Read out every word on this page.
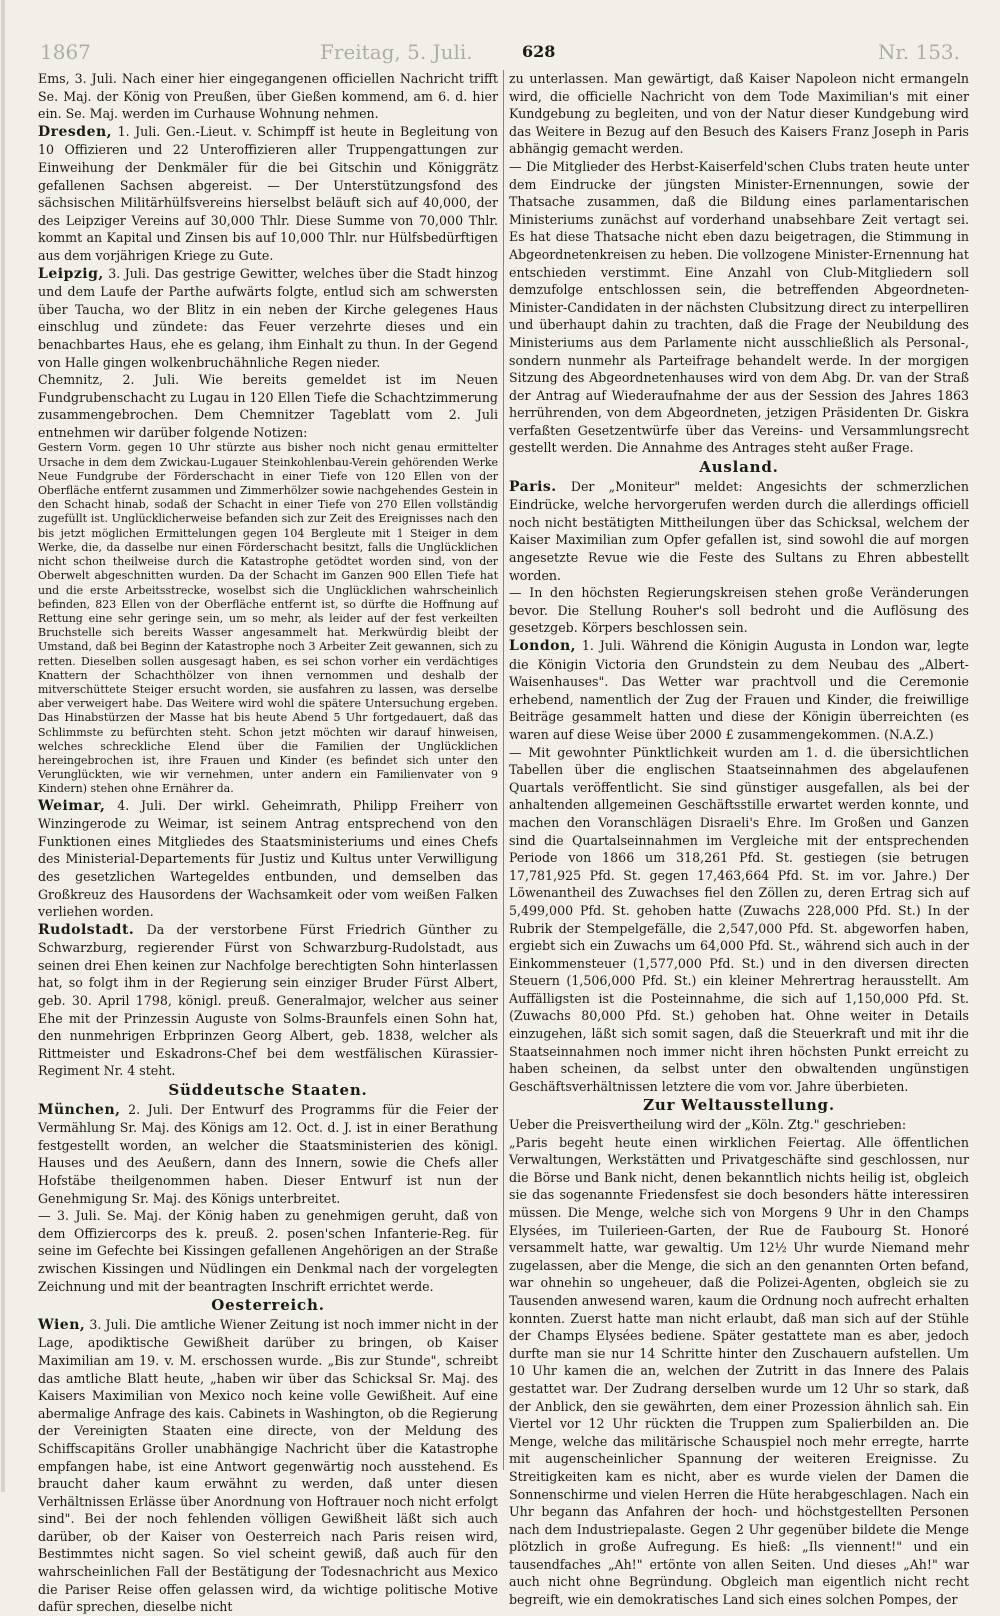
1867	Freitag, 5. Juli.	628	Nr. 153.

Ems, 3. Juli. Nach einer hier eingegangenen officiellen Nachricht trifft Se. Maj. der König von Preußen, über Gießen kommend, am 6. d. hier ein. Se. Maj. werden im Curhause Wohnung nehmen.

Dresden, 1. Juli. Gen.-Lieut. v. Schimpff ist heute in Begleitung von 10 Offizieren und 22 Unteroffizieren aller Truppengattungen zur Einweihung der Denkmäler für die bei Gitschin und Königgrätz gefallenen Sachsen abgereist. — Der Unterstützungsfond des sächsischen Militärhülfsvereins hierselbst beläuft sich auf 40,000, der des Leipziger Vereins auf 30,000 Thlr. Diese Summe von 70,000 Thlr. kommt an Kapital und Zinsen bis auf 10,000 Thlr. nur Hülfsbedürftigen aus dem vorjährigen Kriege zu Gute.

Leipzig, 3. Juli. Das gestrige Gewitter, welches über die Stadt hinzog und dem Laufe der Parthe aufwärts folgte, entlud sich am schwersten über Taucha, wo der Blitz in ein neben der Kirche gelegenes Haus einschlug und zündete: das Feuer verzehrte dieses und ein benachbartes Haus, ehe es gelang, ihm Einhalt zu thun. In der Gegend von Halle gingen wolkenbruchähnliche Regen nieder.

Chemnitz, 2. Juli. Wie bereits gemeldet ist im Neuen Fundgrubenschacht zu Lugau in 120 Ellen Tiefe die Schachtzimmerung zusammengebrochen. Dem Chemnitzer Tageblatt vom 2. Juli entnehmen wir darüber folgende Notizen:

Gestern Vorm. gegen 10 Uhr stürzte aus bisher noch nicht genau ermittelter Ursache in dem dem Zwickau-Lugauer Steinkohlenbau-Verein gehörenden Werke Neue Fundgrube der Förderschacht in einer Tiefe von 120 Ellen von der Oberfläche entfernt zusammen und Zimmerhölzer sowie nachgehendes Gestein in den Schacht hinab, sodaß der Schacht in einer Tiefe von 270 Ellen vollständig zugefüllt ist. Unglücklicherweise befanden sich zur Zeit des Ereignisses nach den bis jetzt möglichen Ermittelungen gegen 104 Bergleute mit 1 Steiger in dem Werke, die, da dasselbe nur einen Förderschacht besitzt, falls die Unglücklichen nicht schon theilweise durch die Katastrophe getödtet worden sind, von der Oberwelt abgeschnitten wurden. Da der Schacht im Ganzen 900 Ellen Tiefe hat und die erste Arbeitsstrecke, woselbst sich die Unglücklichen wahrscheinlich befinden, 823 Ellen von der Oberfläche entfernt ist, so dürfte die Hoffnung auf Rettung eine sehr geringe sein, um so mehr, als leider auf der fest verkeilten Bruchstelle sich bereits Wasser angesammelt hat. Merkwürdig bleibt der Umstand, daß bei Beginn der Katastrophe noch 3 Arbeiter Zeit gewannen, sich zu retten. Dieselben sollen ausgesagt haben, es sei schon vorher ein verdächtiges Knattern der Schachthölzer von ihnen vernommen und deshalb der mitverschüttete Steiger ersucht worden, sie ausfahren zu lassen, was derselbe aber verweigert habe. Das Weitere wird wohl die spätere Untersuchung ergeben. Das Hinabstürzen der Masse hat bis heute Abend 5 Uhr fortgedauert, daß das Schlimmste zu befürchten steht. Schon jetzt möchten wir darauf hinweisen, welches schreckliche Elend über die Familien der Unglücklichen hereingebrochen ist, ihre Frauen und Kinder (es befindet sich unter den Verunglückten, wie wir vernehmen, unter andern ein Familienvater von 9 Kindern) stehen ohne Ernährer da.

Weimar, 4. Juli. Der wirkl. Geheimrath, Philipp Freiherr von Winzingerode zu Weimar, ist seinem Antrag entsprechend von den Funktionen eines Mitgliedes des Staatsministeriums und eines Chefs des Ministerial-Departements für Justiz und Kultus unter Verwilligung des gesetzlichen Wartegeldes entbunden, und demselben das Großkreuz des Hausordens der Wachsamkeit oder vom weißen Falken verliehen worden.

Rudolstadt. Da der verstorbene Fürst Friedrich Günther zu Schwarzburg, regierender Fürst von Schwarzburg-Rudolstadt, aus seinen drei Ehen keinen zur Nachfolge berechtigten Sohn hinterlassen hat, so folgt ihm in der Regierung sein einziger Bruder Fürst Albert, geb. 30. April 1798, königl. preuß. Generalmajor, welcher aus seiner Ehe mit der Prinzessin Auguste von Solms-Braunfels einen Sohn hat, den nunmehrigen Erbprinzen Georg Albert, geb. 1838, welcher als Rittmeister und Eskadrons-Chef bei dem westfälischen Kürassier-Regiment Nr. 4 steht.

Süddeutsche Staaten.

München, 2. Juli. Der Entwurf des Programms für die Feier der Vermählung Sr. Maj. des Königs am 12. Oct. d. J. ist in einer Berathung festgestellt worden, an welcher die Staatsministerien des königl. Hauses und des Aeußern, dann des Innern, sowie die Chefs aller Hofstäbe theilgenommen haben. Dieser Entwurf ist nun der Genehmigung Sr. Maj. des Königs unterbreitet.

— 3. Juli. Se. Maj. der König haben zu genehmigen geruht, daß von dem Offiziercorps des k. preuß. 2. posen'schen Infanterie-Reg. für seine im Gefechte bei Kissingen gefallenen Angehörigen an der Straße zwischen Kissingen und Nüdlingen ein Denkmal nach der vorgelegten Zeichnung und mit der beantragten Inschrift errichtet werde.

Oesterreich.

Wien, 3. Juli. Die amtliche Wiener Zeitung ist noch immer nicht in der Lage, apodiktische Gewißheit darüber zu bringen, ob Kaiser Maximilian am 19. v. M. erschossen wurde. „Bis zur Stunde", schreibt das amtliche Blatt heute, „haben wir über das Schicksal Sr. Maj. des Kaisers Maximilian von Mexico noch keine volle Gewißheit. Auf eine abermalige Anfrage des kais. Cabinets in Washington, ob die Regierung der Vereinigten Staaten eine directe, von der Meldung des Schiffscapitäns Groller unabhängige Nachricht über die Katastrophe empfangen habe, ist eine Antwort gegenwärtig noch ausstehend. Es braucht daher kaum erwähnt zu werden, daß unter diesen Verhältnissen Erlässe über Anordnung von Hoftrauer noch nicht erfolgt sind". Bei der noch fehlenden völligen Gewißheit läßt sich auch darüber, ob der Kaiser von Oesterreich nach Paris reisen wird, Bestimmtes nicht sagen. So viel scheint gewiß, daß auch für den wahrscheinlichen Fall der Bestätigung der Todesnachricht aus Mexico die Pariser Reise offen gelassen wird, da wichtige politische Motive dafür sprechen, dieselbe nicht

zu unterlassen. Man gewärtigt, daß Kaiser Napoleon nicht ermangeln wird, die officielle Nachricht von dem Tode Maximilian's mit einer Kundgebung zu begleiten, und von der Natur dieser Kundgebung wird das Weitere in Bezug auf den Besuch des Kaisers Franz Joseph in Paris abhängig gemacht werden.

— Die Mitglieder des Herbst-Kaiserfeld'schen Clubs traten heute unter dem Eindrucke der jüngsten Minister-Ernennungen, sowie der Thatsache zusammen, daß die Bildung eines parlamentarischen Ministeriums zunächst auf vorderhand unabsehbare Zeit vertagt sei. Es hat diese Thatsache nicht eben dazu beigetragen, die Stimmung in Abgeordnetenkreisen zu heben. Die vollzogene Minister-Ernennung hat entschieden verstimmt. Eine Anzahl von Club-Mitgliedern soll demzufolge entschlossen sein, die betreffenden Abgeordneten-Minister-Candidaten in der nächsten Clubsitzung direct zu interpelliren und überhaupt dahin zu trachten, daß die Frage der Neubildung des Ministeriums aus dem Parlamente nicht ausschließlich als Personal-, sondern nunmehr als Parteifrage behandelt werde. In der morgigen Sitzung des Abgeordnetenhauses wird von dem Abg. Dr. van der Straß der Antrag auf Wiederaufnahme der aus der Session des Jahres 1863 herrührenden, von dem Abgeordneten, jetzigen Präsidenten Dr. Giskra verfaßten Gesetzentwürfe über das Vereins- und Versammlungsrecht gestellt werden. Die Annahme des Antrages steht außer Frage.

Ausland.

Paris. Der „Moniteur" meldet: Angesichts der schmerzlichen Eindrücke, welche hervorgerufen werden durch die allerdings officiell noch nicht bestätigten Mittheilungen über das Schicksal, welchem der Kaiser Maximilian zum Opfer gefallen ist, sind sowohl die auf morgen angesetzte Revue wie die Feste des Sultans zu Ehren abbestellt worden.

— In den höchsten Regierungskreisen stehen große Veränderungen bevor. Die Stellung Rouher's soll bedroht und die Auflösung des gesetzgeb. Körpers beschlossen sein.

London, 1. Juli. Während die Königin Augusta in London war, legte die Königin Victoria den Grundstein zu dem Neubau des „Albert-Waisenhauses". Das Wetter war prachtvoll und die Ceremonie erhebend, namentlich der Zug der Frauen und Kinder, die freiwillige Beiträge gesammelt hatten und diese der Königin überreichten (es waren auf diese Weise über 2000 £ zusammengekommen. (N.A.Z.)

— Mit gewohnter Pünktlichkeit wurden am 1. d. die übersichtlichen Tabellen über die englischen Staatseinnahmen des abgelaufenen Quartals veröffentlicht. Sie sind günstiger ausgefallen, als bei der anhaltenden allgemeinen Geschäftsstille erwartet werden konnte, und machen den Voranschlägen Disraeli's Ehre. Im Großen und Ganzen sind die Quartalseinnahmen im Vergleiche mit der entsprechenden Periode von 1866 um 318,261 Pfd. St. gestiegen (sie betrugen 17,781,925 Pfd. St. gegen 17,463,664 Pfd. St. im vor. Jahre.) Der Löwenantheil des Zuwachses fiel den Zöllen zu, deren Ertrag sich auf 5,499,000 Pfd. St. gehoben hatte (Zuwachs 228,000 Pfd. St.) In der Rubrik der Stempelgefälle, die 2,547,000 Pfd. St. abgeworfen haben, ergiebt sich ein Zuwachs um 64,000 Pfd. St., während sich auch in der Einkommensteuer (1,577,000 Pfd. St.) und in den diversen directen Steuern (1,506,000 Pfd. St.) ein kleiner Mehrertrag herausstellt. Am Auffälligsten ist die Posteinnahme, die sich auf 1,150,000 Pfd. St. (Zuwachs 80,000 Pfd. St.) gehoben hat. Ohne weiter in Details einzugehen, läßt sich somit sagen, daß die Steuerkraft und mit ihr die Staatseinnahmen noch immer nicht ihren höchsten Punkt erreicht zu haben scheinen, da selbst unter den obwaltenden ungünstigen Geschäftsverhältnissen letztere die vom vor. Jahre überbieten.

Zur Weltausstellung.

Ueber die Preisvertheilung wird der „Köln. Ztg." geschrieben:

„Paris begeht heute einen wirklichen Feiertag. Alle öffentlichen Verwaltungen, Werkstätten und Privatgeschäfte sind geschlossen, nur die Börse und Bank nicht, denen bekanntlich nichts heilig ist, obgleich sie das sogenannte Friedensfest sie doch besonders hätte interessiren müssen. Die Menge, welche sich von Morgens 9 Uhr in den Champs Elysées, im Tuilerieen-Garten, der Rue de Faubourg St. Honoré versammelt hatte, war gewaltig. Um 12½ Uhr wurde Niemand mehr zugelassen, aber die Menge, die sich an den genannten Orten befand, war ohnehin so ungeheuer, daß die Polizei-Agenten, obgleich sie zu Tausenden anwesend waren, kaum die Ordnung noch aufrecht erhalten konnten. Zuerst hatte man nicht erlaubt, daß man sich auf der Stühle der Champs Elysées bediene. Später gestattete man es aber, jedoch durfte man sie nur 14 Schritte hinter den Zuschauern aufstellen. Um 10 Uhr kamen die an, welchen der Zutritt in das Innere des Palais gestattet war. Der Zudrang derselben wurde um 12 Uhr so stark, daß der Anblick, den sie gewährten, dem einer Prozession ähnlich sah. Ein Viertel vor 12 Uhr rückten die Truppen zum Spalierbilden an. Die Menge, welche das militärische Schauspiel noch mehr erregte, harrte mit augenscheinlicher Spannung der weiteren Ereignisse. Zu Streitigkeiten kam es nicht, aber es wurde vielen der Damen die Sonnenschirme und vielen Herren die Hüte herabgeschlagen. Nach ein Uhr begann das Anfahren der hoch- und höchstgestellten Personen nach dem Industriepalaste. Gegen 2 Uhr gegenüber bildete die Menge plötzlich in große Aufregung. Es hieß: „Ils viennent!" und ein tausendfaches „Ah!" ertönte von allen Seiten. Und dieses „Ah!" war auch nicht ohne Begründung. Obgleich man eigentlich nicht recht begreift, wie ein demokratisches Land sich eines solchen Pompes, der
